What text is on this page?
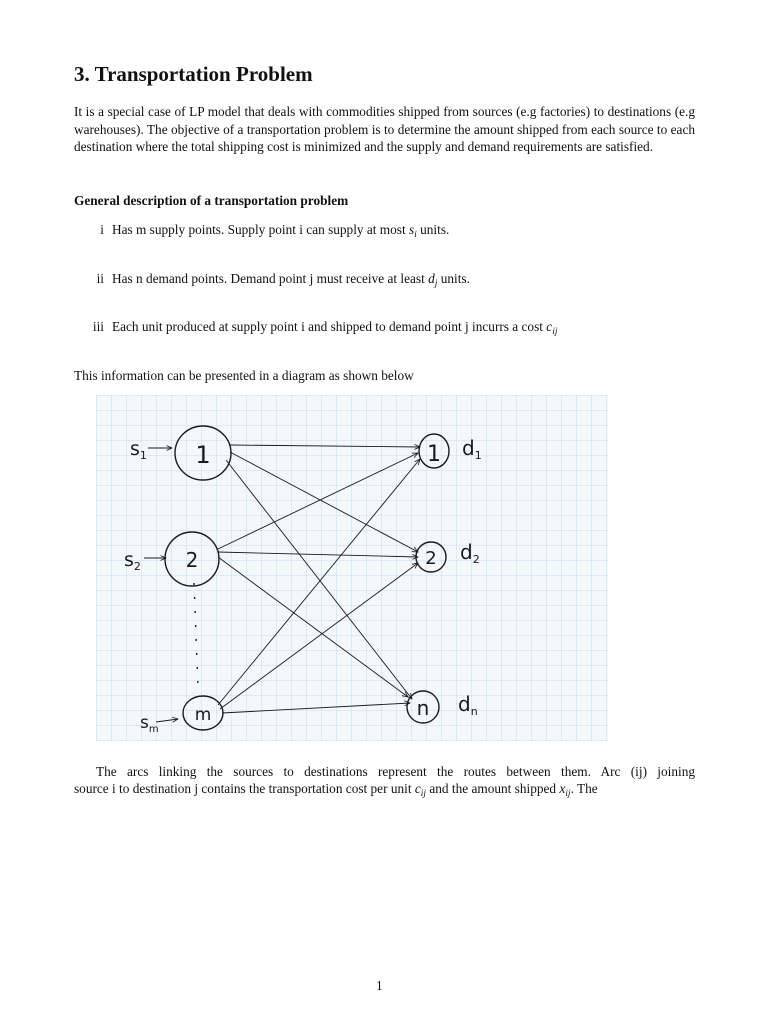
3. Transportation Problem
It is a special case of LP model that deals with commodities shipped from sources (e.g factories) to destinations (e.g warehouses). The objective of a transportation problem is to determine the amount shipped from each source to each destination where the total shipping cost is minimized and the supply and demand requirements are satisfied.
General description of a transportation problem
i Has m supply points. Supply point i can supply at most $s_i$ units.
ii Has n demand points. Demand point j must receive at least $d_j$ units.
iii Each unit produced at supply point i and shipped to demand point j incurrs a cost $c_{ij}$
This information can be presented in a diagram as shown below
1
2
m
1
2
n
$s_1$
$s_2$
$s_m$
$d_1$
$d_2$
$d_n$
The arcs linking the sources to destinations represent the routes between them. Arc (ij) joining
source i to destination j contains the transportation cost per unit $c_{ij}$ and the amount shipped $x_{ij}$. The
1
